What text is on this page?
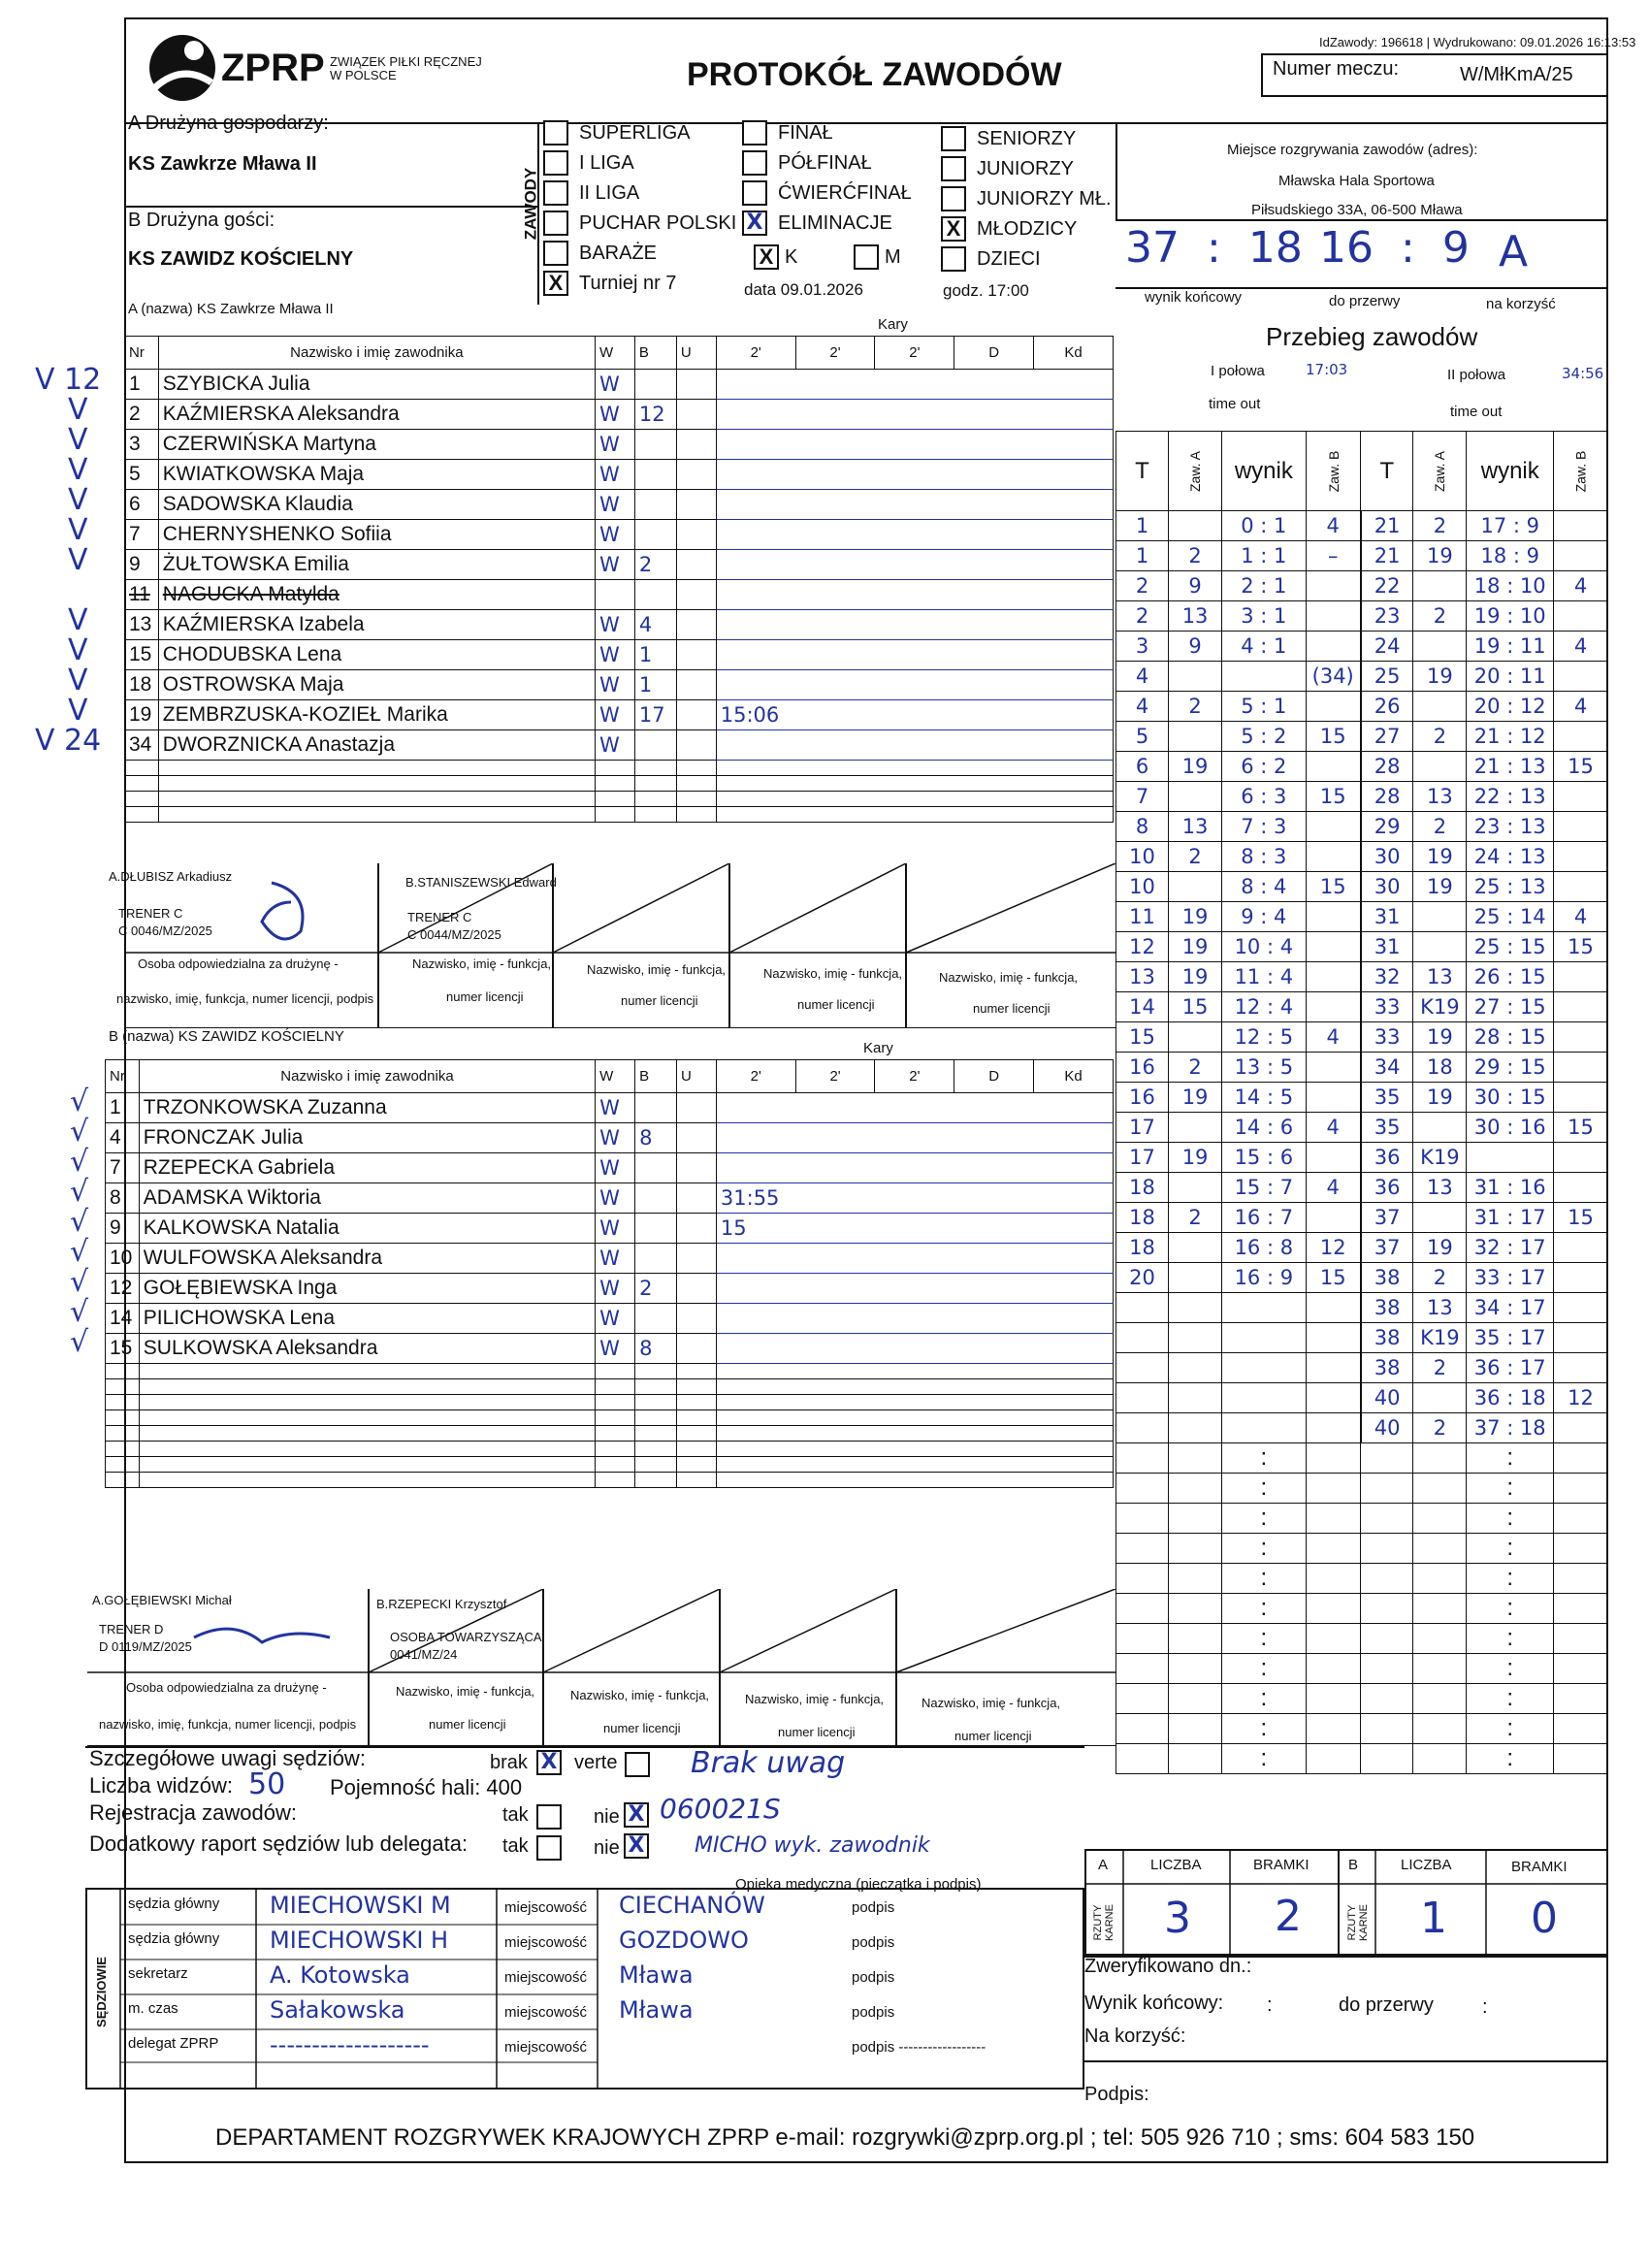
IdZawody: 196618 | Wydrukowano: 09.01.2026 16:13:53
ZPRP ZWIĄZEK PIŁKI RĘCZNEJ
W POLSCE	PROTOKÓŁ ZAWODÓW	Numer meczu:	W/MłKmA/25
A Drużyna gospodarzy:
KS Zawkrze Mława II
B Drużyna gości:
KS ZAWIDZ KOŚCIELNY
ZAWODY
SUPERLIGA
I LIGA
II LIGA
PUCHAR POLSKI
BARAŻE
X Turniej nr 7
FINAŁ
PÓŁFINAŁ
ĆWIERĆFINAŁ
X ELIMINACJE
X K	M
data 09.01.2026
SENIORZY
JUNIORZY
JUNIORZY MŁ.
X MŁODZICY
DZIECI
godz. 17:00
Miejsce rozgrywania zawodów (adres):
Mławska Hala Sportowa
Piłsudskiego 33A, 06-500 Mława
37 : 18 16 : 9 A
wynik końcowy	do przerwy	na korzyść
A (nazwa) KS Zawkrze Mława II
Kary
Nr	Nazwisko i imię zawodnika	W	B	U	2'	2'	2'	D	Kd
1	SZYBICKA Julia	W							
2	KAŹMIERSKA Aleksandra	W	12						
3	CZERWIŃSKA Martyna	W							
5	KWIATKOWSKA Maja	W							
6	SADOWSKA Klaudia	W							
7	CHERNYSHENKO Sofiia	W							
9	ŻUŁTOWSKA Emilia	W	2						
11	NAGUCKA Matylda								
13	KAŹMIERSKA Izabela	W	4						
15	CHODUBSKA Lena	W	1						
18	OSTROWSKA Maja	W	1						
19	ZEMBRZUSKA-KOZIEŁ Marika	W	17		15:06				
34	DWORZNICKA Anastazja	W							

A.DŁUBISZ Arkadiusz
TRENER C
C 0046/MZ/2025
B.STANISZEWSKI Edward
TRENER C
C 0044/MZ/2025
Osoba odpowiedzialna za drużynę -
nazwisko, imię, funkcja, numer licencji, podpis
Nazwisko, imię - funkcja,
numer licencji
Nazwisko, imię - funkcja,
numer licencji
Nazwisko, imię - funkcja,
numer licencji
Nazwisko, imię - funkcja,
numer licencji
B (nazwa) KS ZAWIDZ KOŚCIELNY
Kary
Nr	Nazwisko i imię zawodnika	W	B	U	2'	2'	2'	D	Kd
1	TRZONKOWSKA Zuzanna	W							
4	FRONCZAK Julia	W	8						
7	RZEPECKA Gabriela	W							
8	ADAMSKA Wiktoria	W			31:55				
9	KALKOWSKA Natalia	W			15				
10	WULFOWSKA Aleksandra	W							
12	GOŁĘBIEWSKA Inga	W	2						
14	PILICHOWSKA Lena	W							
15	SULKOWSKA Aleksandra	W	8						

A.GOŁĘBIEWSKI Michał
TRENER D
D 0119/MZ/2025
B.RZEPECKI Krzysztof
OSOBA TOWARZYSZĄCA
0041/MZ/24
Osoba odpowiedzialna za drużynę -
nazwisko, imię, funkcja, numer licencji, podpis
Nazwisko, imię - funkcja,
numer licencji
Nazwisko, imię - funkcja,
numer licencji
Nazwisko, imię - funkcja,
numer licencji
Nazwisko, imię - funkcja,
numer licencji
Przebieg zawodów
I połowa	17:03	II połowa	34:56
time out	time out
T	Zaw. A	wynik	Zaw. B	T	Zaw. A	wynik	Zaw. B

1		0 : 1	4	21	2	17 : 9	
1	2	1 : 1	–	21	19	18 : 9	
2	9	2 : 1		22		18 : 10	4
2	13	3 : 1		23	2	19 : 10	
3	9	4 : 1		24		19 : 11	4
4			(34)	25	19	20 : 11	
4	2	5 : 1		26		20 : 12	4
5		5 : 2	15	27	2	21 : 12	
6	19	6 : 2		28		21 : 13	15
7		6 : 3	15	28	13	22 : 13	
8	13	7 : 3		29	2	23 : 13	
10	2	8 : 3		30	19	24 : 13	
10		8 : 4	15	30	19	25 : 13	
11	19	9 : 4		31		25 : 14	4
12	19	10 : 4		31		25 : 15	15
13	19	11 : 4		32	13	26 : 15	
14	15	12 : 4		33	K19	27 : 15	
15		12 : 5	4	33	19	28 : 15	
16	2	13 : 5		34	18	29 : 15	
16	19	14 : 5		35	19	30 : 15	
17		14 : 6	4	35		30 : 16	15
17	19	15 : 6		36	K19		
18		15 : 7	4	36	13	31 : 16	
18	2	16 : 7		37		31 : 17	15
18		16 : 8	12	37	19	32 : 17	
20		16 : 9	15	38	2	33 : 17	
				38	13	34 : 17	
				38	K19	35 : 17	
				38	2	36 : 17	
				40		36 : 18	12
				40	2	37 : 18	
		:				:	
		:				:	
		:				:	
		:				:	
		:				:	
		:				:	
		:				:	
		:				:	
		:				:	
		:				:	
		:				:	
Szczegółowe uwagi sędziów:	brak X verte
Liczba widzów: 50 Pojemność hali: 400
Rejestracja zawodów:	tak	nie X
Dodatkowy raport sędziów lub delegata: tak	nie X
Brak uwag
060021S
MICHO wyk. zawodnik
A	LICZBA	BRAMKI	B	LICZBA	BRAMKI
RZUTY KARNE	RZUTY KARNE
3 2	1 0
Opieka medyczna (pieczątka i podpis)
SĘDZIOWIE
sędzia główny MIECHOWSKI M	miejscowość CIECHANÓW	podpis
sędzia główny MIECHOWSKI H	miejscowość GOZDOWO	podpis
sekretarz	A. Kotowska	miejscowość Mława	podpis
m. czas	Sałakowska	miejscowość Mława	podpis
delegat ZPRP -------------------	miejscowość	podpis ------------------
Zweryfikowano dn.:
Wynik końcowy: :	do przerwy	:
Na korzyść:
Podpis:
DEPARTAMENT ROZGRYWEK KRAJOWYCH ZPRP e-mail: rozgrywki@zprp.org.pl ; tel: 505 926 710 ; sms: 604 583 150
V 12
V
V
V
V
V
V
V
V
V
V
V 24
√
√
√
√
√
√
√
√
√
